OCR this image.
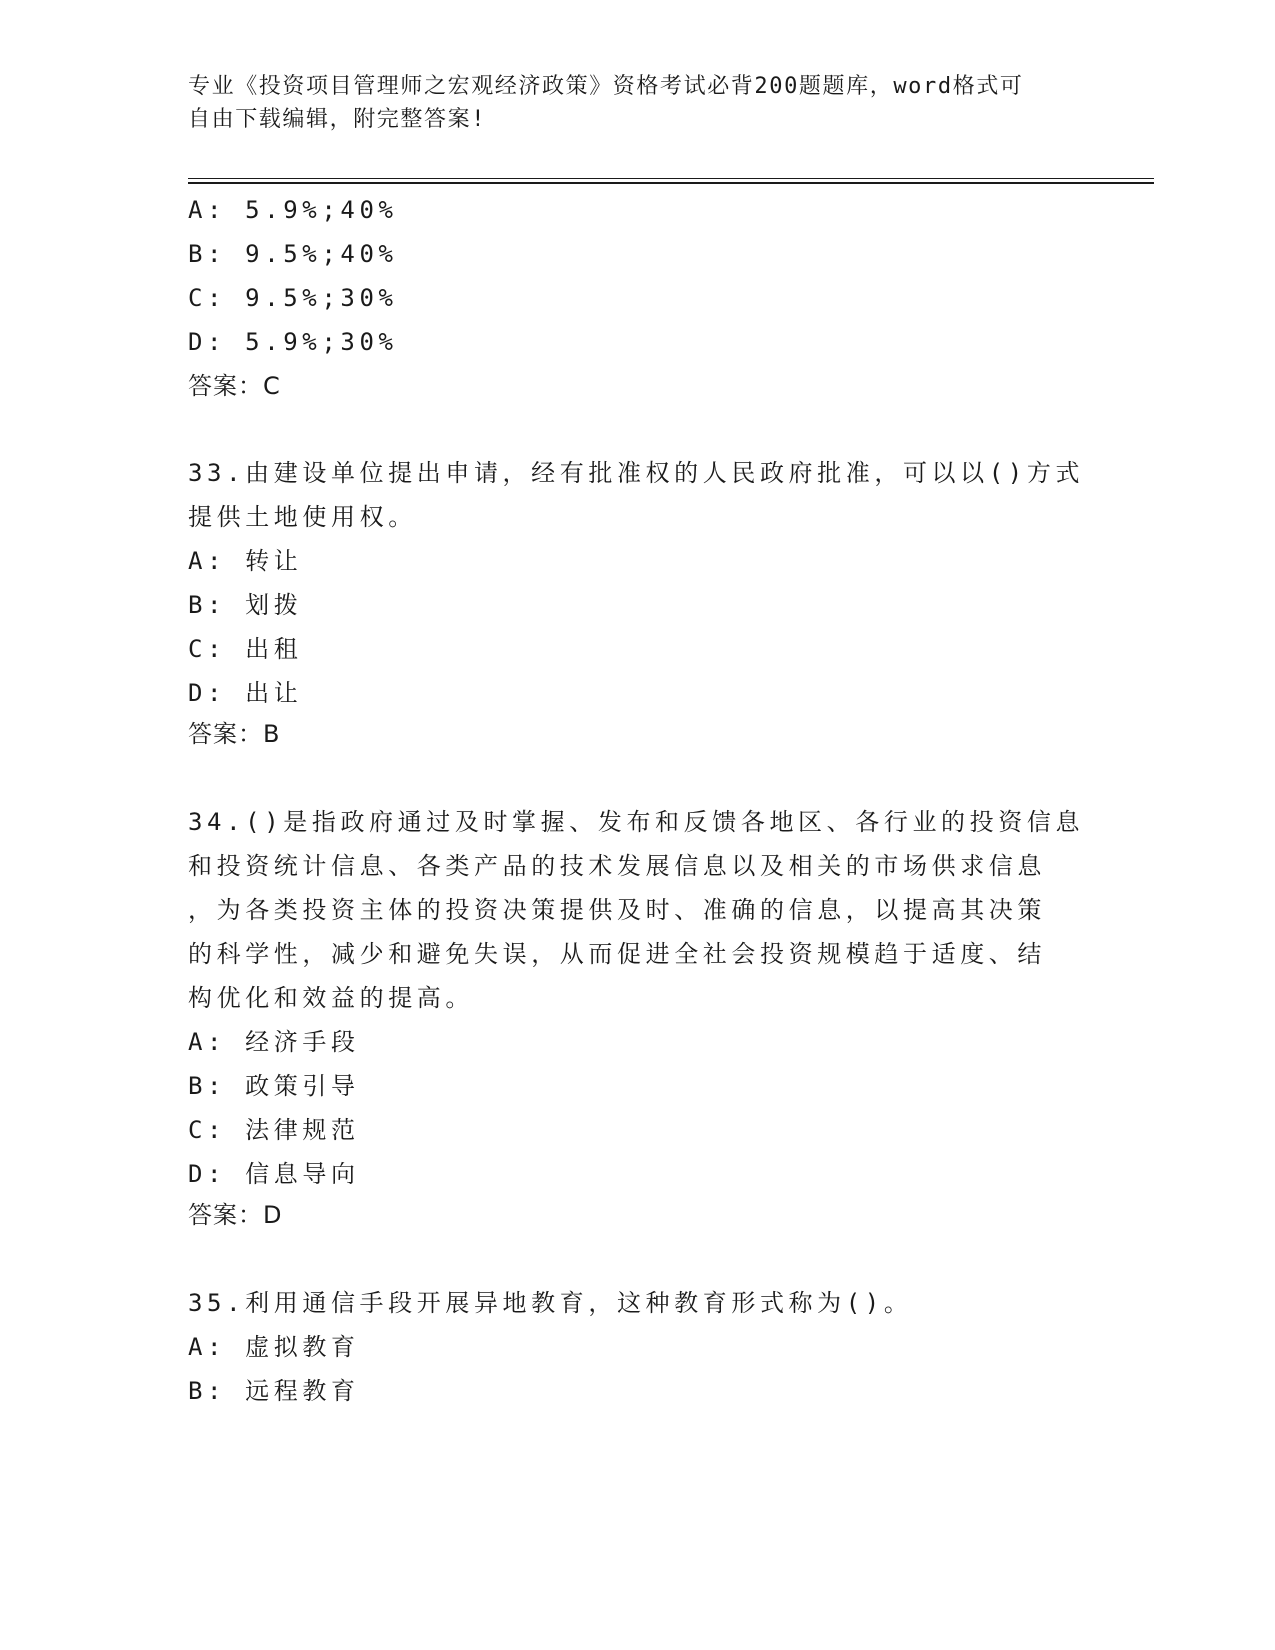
专业《投资项目管理师之宏观经济政策》资格考试必背200题题库，word格式可
自由下载编辑，附完整答案!
A: 5.9%;40%
B: 9.5%;40%
C: 9.5%;30%
D: 5.9%;30%
答案：C
33.由建设单位提出申请，经有批准权的人民政府批准，可以以()方式
提供土地使用权。
A: 转让
B: 划拨
C: 出租
D: 出让
答案：B
34.()是指政府通过及时掌握、发布和反馈各地区、各行业的投资信息
和投资统计信息、各类产品的技术发展信息以及相关的市场供求信息
，为各类投资主体的投资决策提供及时、准确的信息，以提高其决策
的科学性，减少和避免失误，从而促进全社会投资规模趋于适度、结
构优化和效益的提高。
A: 经济手段
B: 政策引导
C: 法律规范
D: 信息导向
答案：D
35.利用通信手段开展异地教育，这种教育形式称为()。
A: 虚拟教育
B: 远程教育
